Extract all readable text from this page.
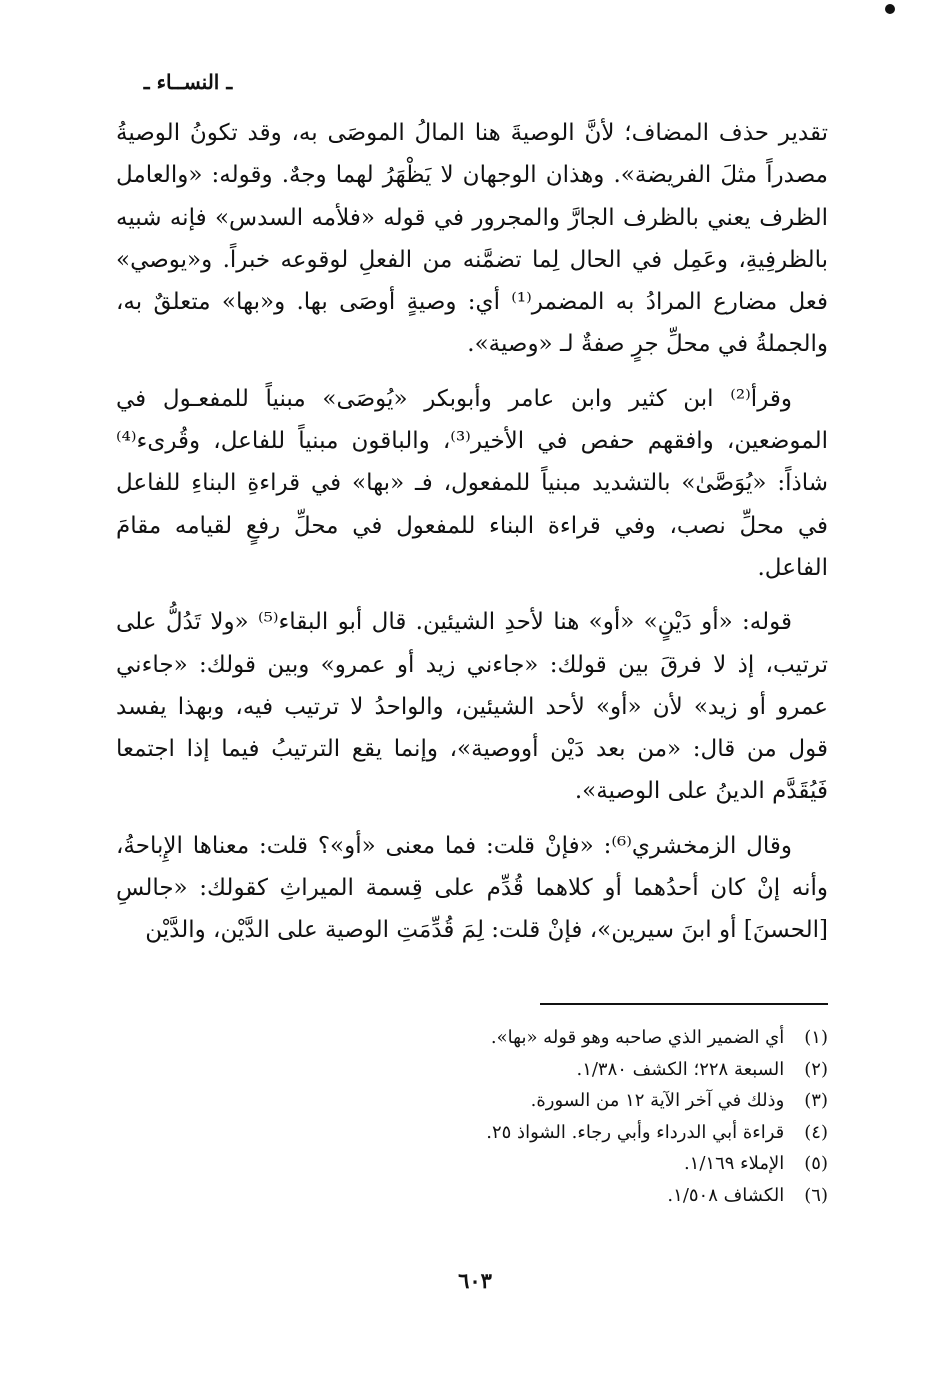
ـ النســاء ـ

تقدير حذف المضاف؛ لأنَّ الوصيةَ هنا المالُ الموصَى به، وقد تكونُ الوصيةُ مصدراً مثلَ الفريضة». وهذان الوجهان لا يَظْهَرُ لهما وجهٌ. وقوله: «والعامل الظرف يعني بالظرف الجارَّ والمجرور في قوله «فلأمه السدس» فإنه شبيه بالظرفِيةِ، وعَمِل في الحال لِما تضمَّنه من الفعلِ لوقوعه خبراً. و«يوصي» فعل مضارع المرادُ به المضمر⁽¹⁾ أي: وصيةٍ أوصَى بها. و«بها» متعلقٌ به، والجملةُ في محلِّ جرٍ صفةٌ لـ «وصية».

وقرأ⁽²⁾ ابن كثير وابن عامر وأبوبكر «يُوصَى» مبنياً للمفعـول في الموضعين، وافقهم حفص في الأخير⁽³⁾، والباقون مبنياً للفاعل، وقُرىء⁽⁴⁾ شاذاً: «يُوَصَّىٰ» بالتشديد مبنياً للمفعول، فـ «بها» في قراءةِ البناءِ للفاعل في محلِّ نصب، وفي قراءة البناء للمفعول في محلِّ رفعٍ لقيامه مقامَ الفاعل.

قوله: «أو دَيْنٍ» «أو» هنا لأحدِ الشيئين. قال أبو البقاء⁽⁵⁾ «ولا تَدُلُّ على ترتيب، إذ لا فرقَ بين قولك: «جاءني زيد أو عمرو» وبين قولك: «جاءني عمرو أو زيد» لأن «أو» لأحد الشيئين، والواحدُ لا ترتيب فيه، وبهذا يفسد قول من قال: «من بعد دَيْن أووصية»، وإنما يقع الترتيبُ فيما إذا اجتمعا فَيُقَدَّم الدينُ على الوصية».

وقال الزمخشري⁽⁶⁾: «فإنْ قلت: فما معنى «أو»؟ قلت: معناها الإِباحةُ، وأنه إنْ كان أحدُهما أو كلاهما قُدِّم على قِسمة الميراثِ كقولك: «جالسِ [الحسنَ] أو ابنَ سيرين»، فإنْ قلت: لِمَ قُدِّمَتِ الوصية على الدَّيْن، والدَّيْن

(١) أي الضمير الذي صاحبه وهو قوله «بها».
(٢) السبعة ٢٢٨؛ الكشف ١/٣٨٠.
(٣) وذلك في آخر الآية ١٢ من السورة.
(٤) قراءة أبي الدرداء وأبي رجاء. الشواذ ٢٥.
(٥) الإملاء ١/١٦٩.
(٦) الكشاف ١/٥٠٨.
٦٠٣
